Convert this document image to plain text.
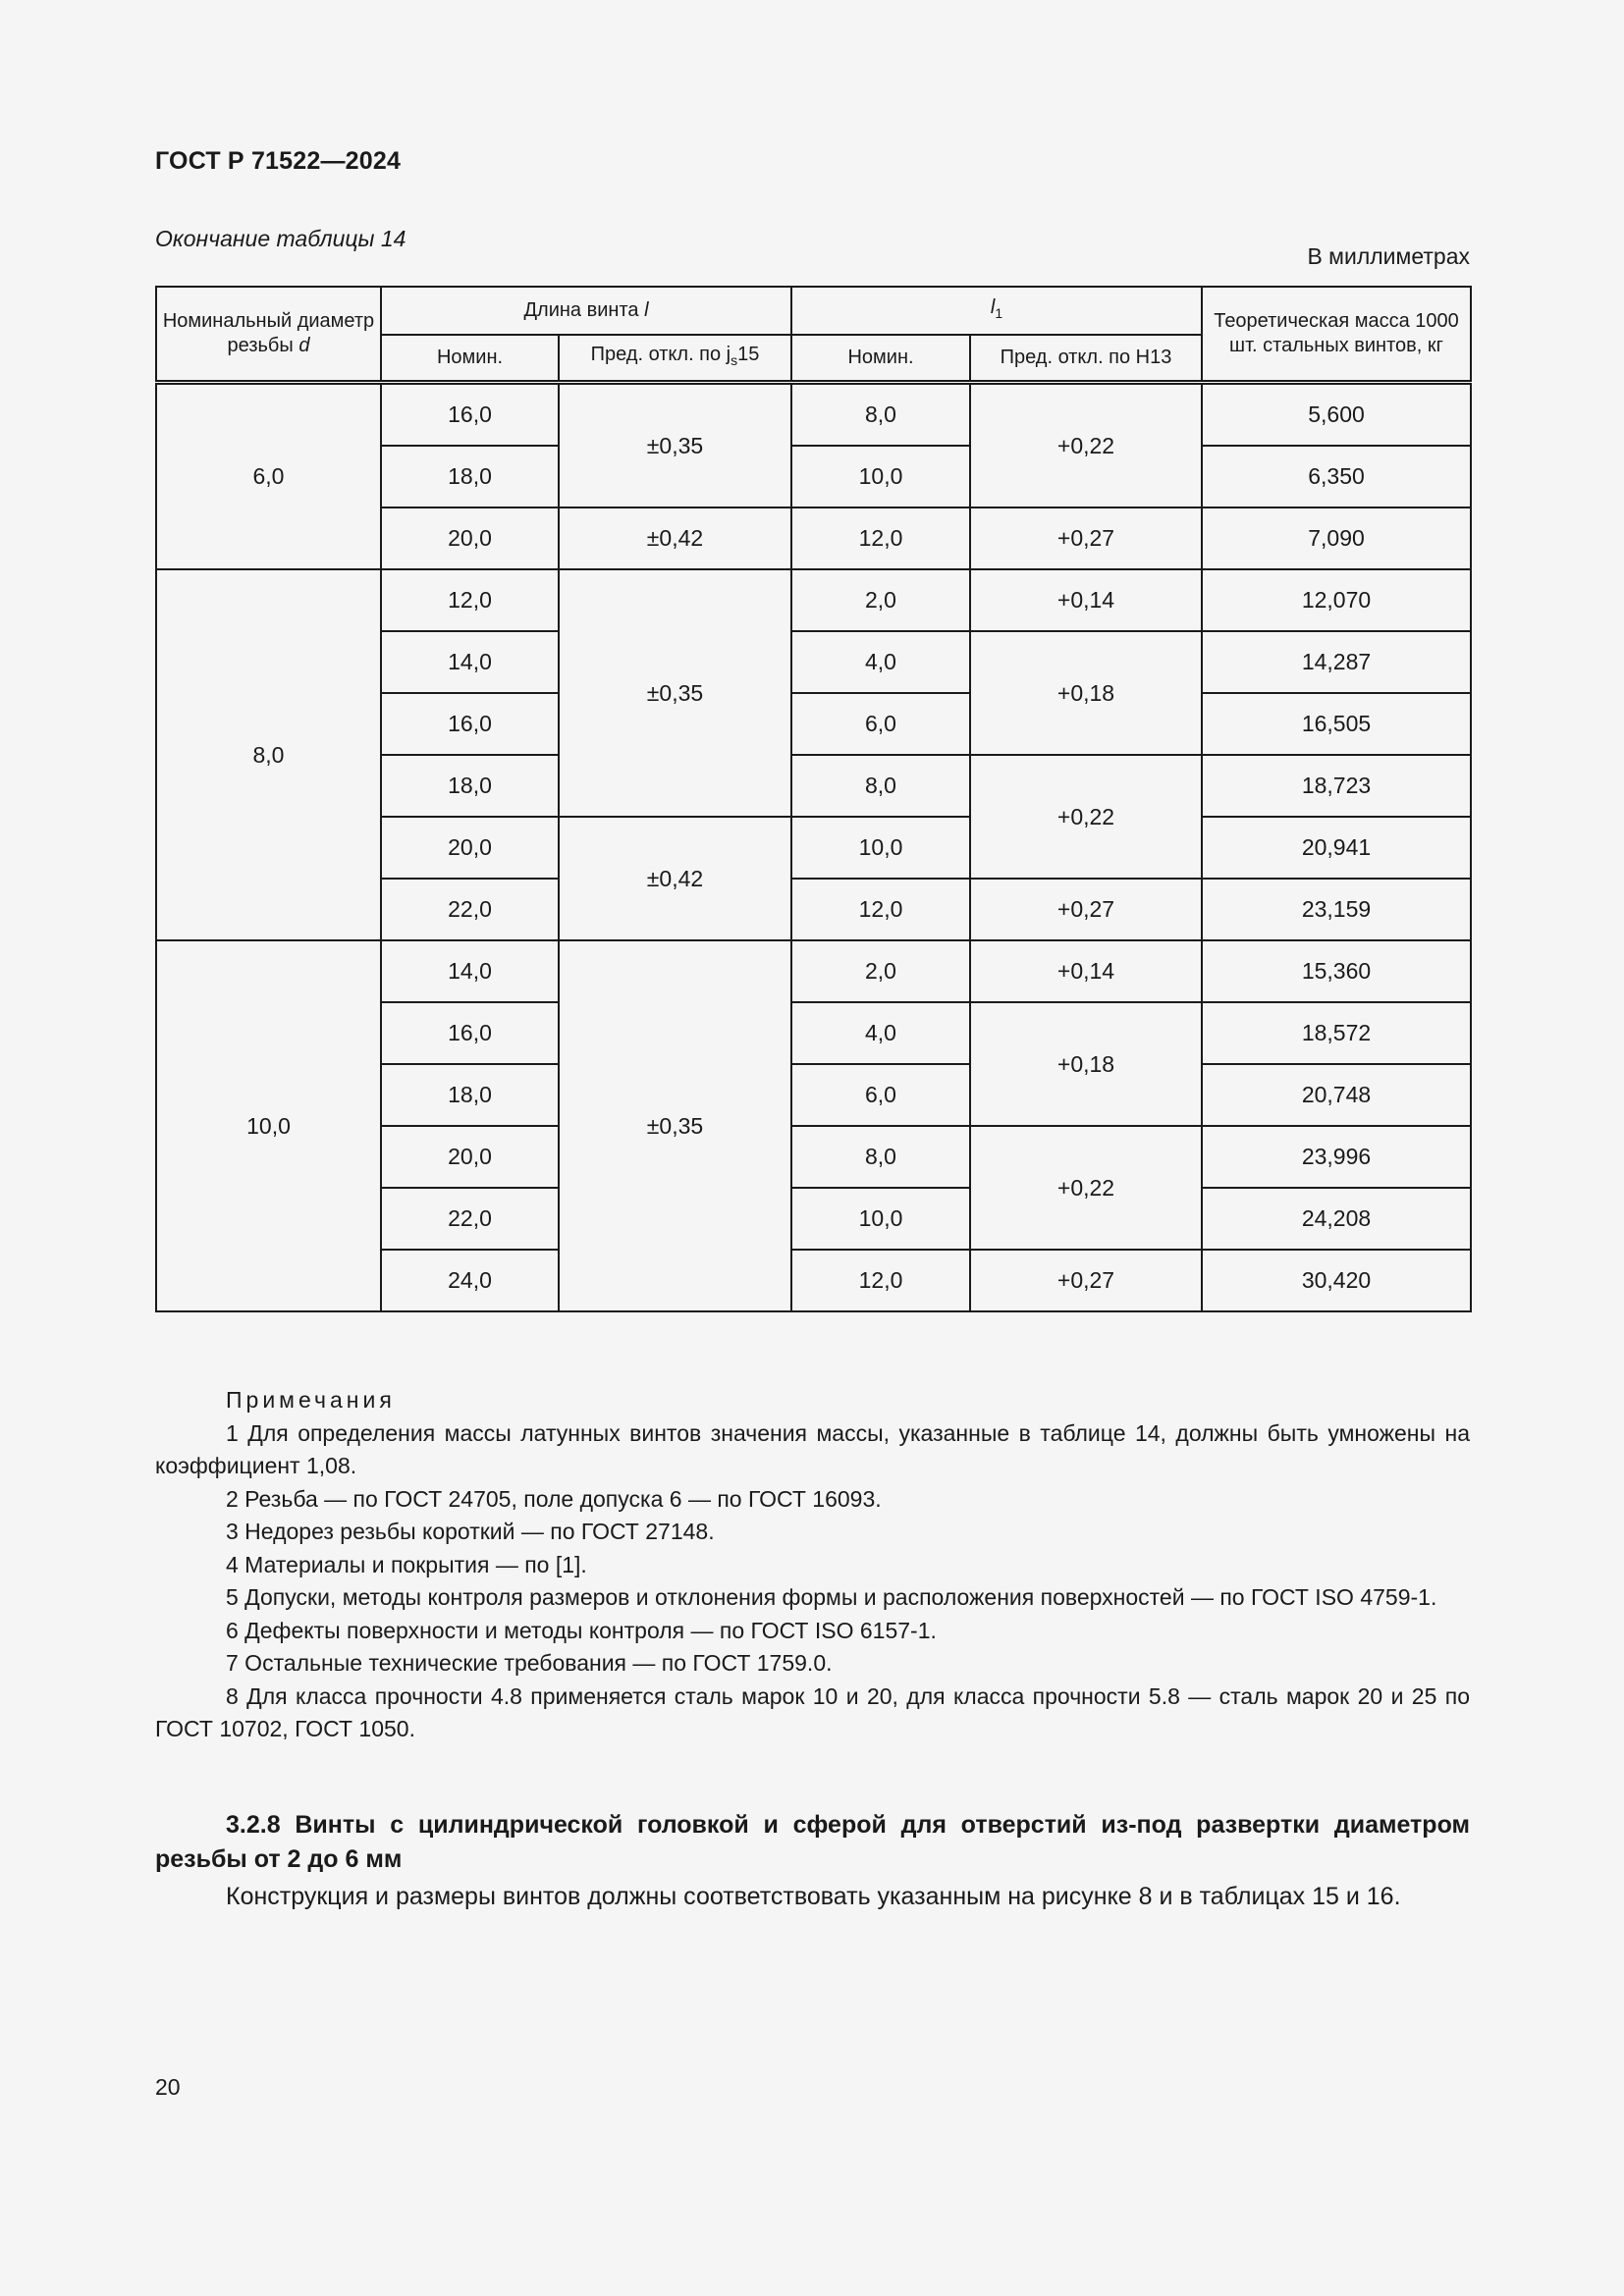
ГОСТ Р 71522—2024
Окончание таблицы 14
В миллиметрах
Номинальный диаметр резьбы d	Длина винта l		$l_1$		Теоретическая масса 1000 шт. стальных винтов, кг
	Номин.	Пред. откл. по $j_s15$	Номин.	Пред. откл. по H13	
6,0	16,0	±0,35	8,0	+0,22	5,600
	18,0		10,0		6,350
	20,0	±0,42	12,0	+0,27	7,090
8,0	12,0	±0,35	2,0	+0,14	12,070
	14,0		4,0	+0,18	14,287
	16,0		6,0		16,505
	18,0		8,0	+0,22	18,723
	20,0	±0,42	10,0		20,941
	22,0		12,0	+0,27	23,159
10,0	14,0	±0,35	2,0	+0,14	15,360
	16,0		4,0	+0,18	18,572
	18,0		6,0		20,748
	20,0		8,0	+0,22	23,996
	22,0		10,0		24,208
	24,0		12,0	+0,27	30,420

Примечания

1 Для определения массы латунных винтов значения массы, указанные в таблице 14, должны быть умножены на коэффициент 1,08.

2 Резьба — по ГОСТ 24705, поле допуска 6 — по ГОСТ 16093.

3 Недорез резьбы короткий — по ГОСТ 27148.

4 Материалы и покрытия — по [1].

5 Допуски, методы контроля размеров и отклонения формы и расположения поверхностей — по ГОСТ ISO 4759-1.

6 Дефекты поверхности и методы контроля — по ГОСТ ISO 6157-1.

7 Остальные технические требования — по ГОСТ 1759.0.

8 Для класса прочности 4.8 применяется сталь марок 10 и 20, для класса прочности 5.8 — сталь марок 20 и 25 по ГОСТ 10702, ГОСТ 1050.

3.2.8 Винты с цилиндрической головкой и сферой для отверстий из-под развертки диаметром резьбы от 2 до 6 мм

Конструкция и размеры винтов должны соответствовать указанным на рисунке 8 и в таблицах 15 и 16.

20
